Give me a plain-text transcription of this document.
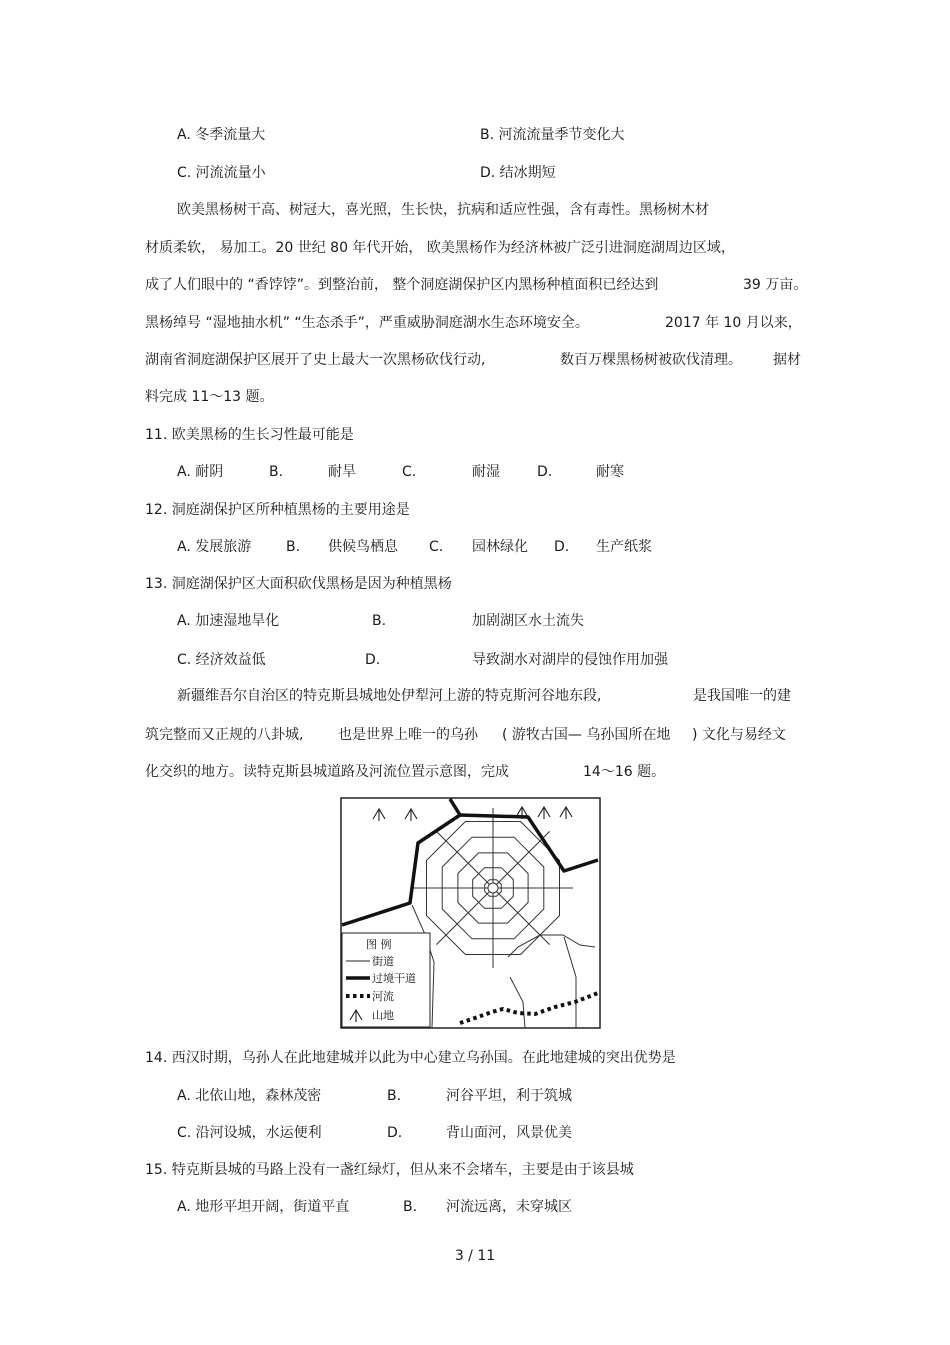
A. 冬季流量大	B. 河流流量季节变化大
C. 河流流量小	D. 结冰期短
欧美黑杨树干高、树冠大，喜光照，生长快，抗病和适应性强，含有毒性。黑杨树木材
材质柔软， 易加工。20 世纪 80 年代开始， 欧美黑杨作为经济林被广泛引进洞庭湖周边区域，
成了人们眼中的 “香饽饽”。到整治前， 整个洞庭湖保护区内黑杨种植面积已经达到	39 万亩。
黑杨绰号 “湿地抽水机” “生态杀手”，严重威胁洞庭湖水生态环境安全。	2017 年 10 月以来，
湖南省洞庭湖保护区展开了史上最大一次黑杨砍伐行动,	数百万棵黑杨树被砍伐清理。 据材
料完成 11～13 题。
11. 欧美黑杨的生长习性最可能是
A. 耐阴	B.	耐旱	C.	耐湿	D.	耐寒
12. 洞庭湖保护区所种植黑杨的主要用途是
A. 发展旅游 B. 供候鸟栖息 C. 园林绿化 D. 生产纸浆
13. 洞庭湖保护区大面积砍伐黑杨是因为种植黑杨
A. 加速湿地旱化	B.	加剧湖区水土流失
C. 经济效益低	D.	导致湖水对湖岸的侵蚀作用加强
新疆维吾尔自治区的特克斯县城地处伊犁河上游的特克斯河谷地东段,	是我国唯一的建
筑完整而又正规的八卦城, 也是世界上唯一的乌孙 ( 游牧古国— 乌孙国所在地 ) 文化与易经文
化交织的地方。读特克斯县城道路及河流位置示意图，完成	14～16 题。
图 例
街道
过境干道
河流
山地
14. 西汉时期，乌孙人在此地建城并以此为中心建立乌孙国。在此地建城的突出优势是
A. 北依山地，森林茂密	B.	河谷平坦，利于筑城
C. 沿河设城，水运便利	D.	背山面河，风景优美
15. 特克斯县城的马路上没有一盏红绿灯，但从来不会堵车，主要是由于该县城
A. 地形平坦开阔，街道平直	B. 河流远离，未穿城区
3 / 11
